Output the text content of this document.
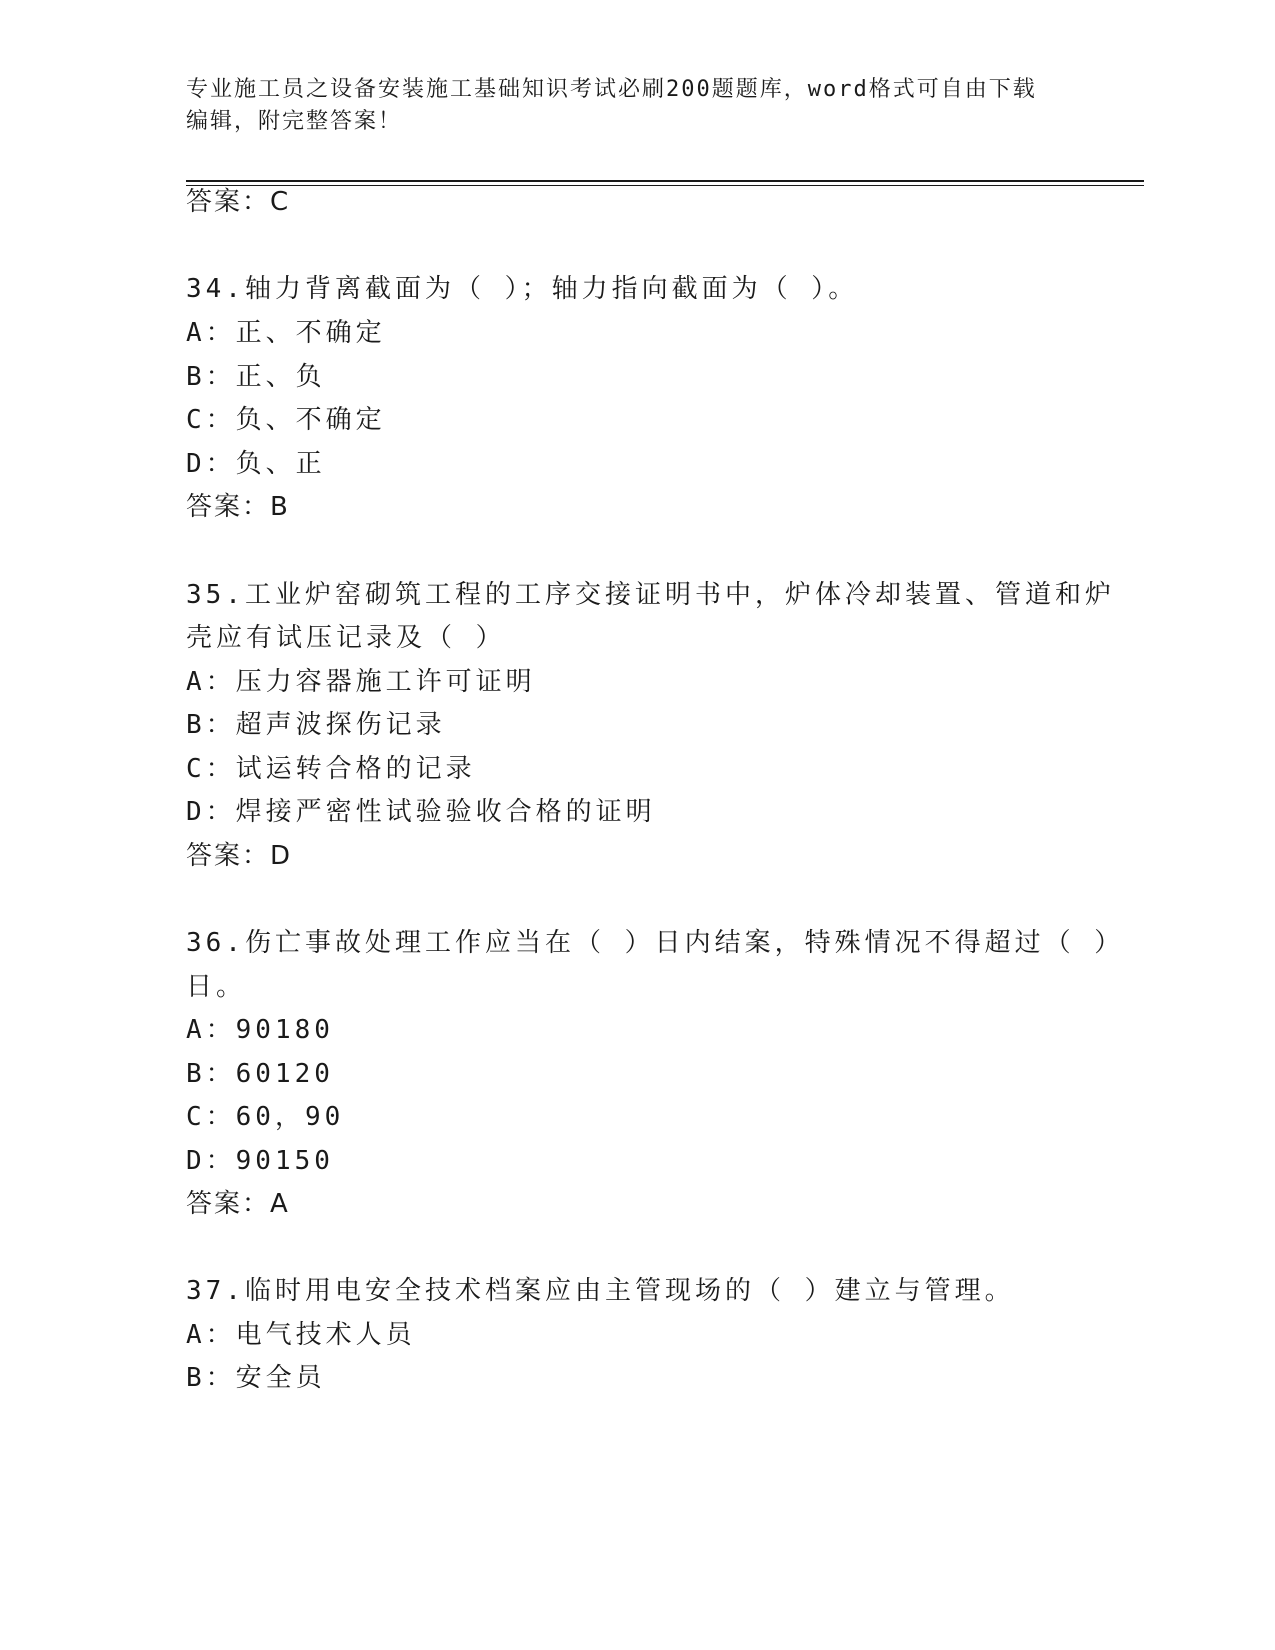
专业施工员之设备安装施工基础知识考试必刷200题题库，word格式可自由下载
编辑，附完整答案！
答案：C
34.轴力背离截面为（ ）；轴力指向截面为（ ）。
A：正、不确定
B：正、负
C：负、不确定
D：负、正
答案：B
35.工业炉窑砌筑工程的工序交接证明书中，炉体冷却装置、管道和炉
壳应有试压记录及（ ）
A：压力容器施工许可证明
B：超声波探伤记录
C：试运转合格的记录
D：焊接严密性试验验收合格的证明
答案：D
36.伤亡事故处理工作应当在（ ）日内结案，特殊情况不得超过（ ）
日。
A：90180
B：60120
C：60，90
D：90150
答案：A
37.临时用电安全技术档案应由主管现场的（ ）建立与管理。
A：电气技术人员
B：安全员
